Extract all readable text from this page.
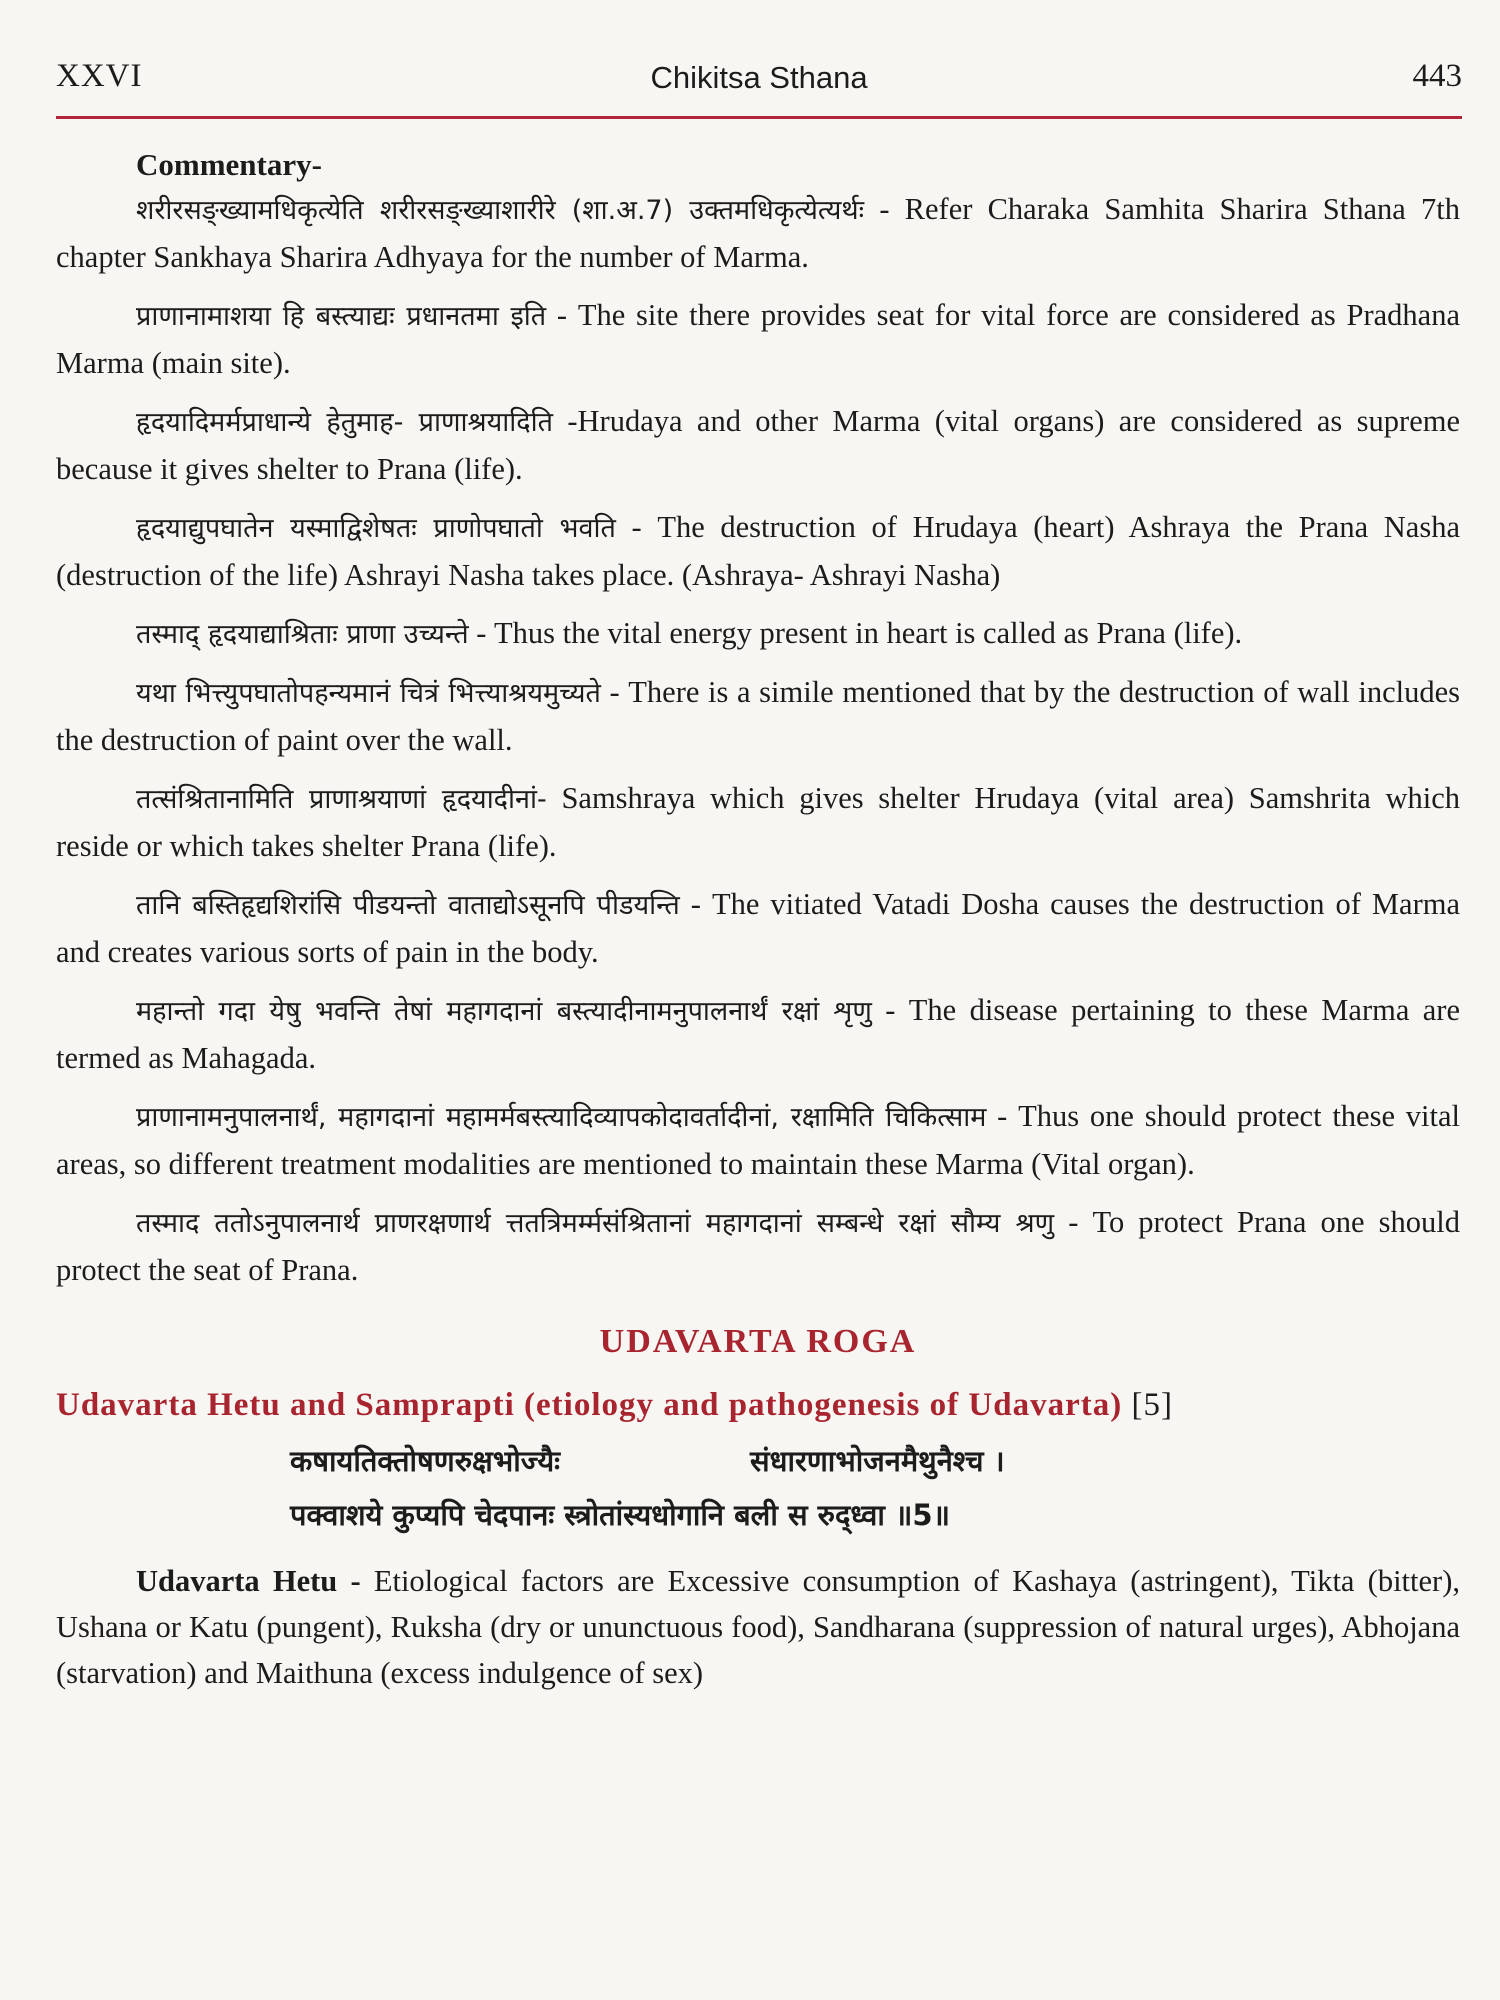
XXVI	Chikitsa Sthana	443
Commentary-

शरीरसङ्ख्यामधिकृत्येति शरीरसङ्ख्याशारीरे (शा.अ.7) उक्तमधिकृत्येत्यर्थः - Refer Charaka Samhita Sharira Sthana 7th chapter Sankhaya Sharira Adhyaya for the number of Marma.

प्राणानामाशया हि बस्त्याद्यः प्रधानतमा इति - The site there provides seat for vital force are considered as Pradhana Marma (main site).

हृदयादिमर्मप्राधान्ये हेतुमाह- प्राणाश्रयादिति -Hrudaya and other Marma (vital organs) are considered as supreme because it gives shelter to Prana (life).

हृदयाद्युपघातेन यस्माद्विशेषतः प्राणोपघातो भवति - The destruction of Hrudaya (heart) Ashraya the Prana Nasha (destruction of the life) Ashrayi Nasha takes place. (Ashraya- Ashrayi Nasha)

तस्माद् हृदयाद्याश्रिताः प्राणा उच्यन्ते - Thus the vital energy present in heart is called as Prana (life).

यथा भित्त्युपघातोपहन्यमानं चित्रं भित्त्याश्रयमुच्यते - There is a simile mentioned that by the destruction of wall includes the destruction of paint over the wall.

तत्संश्रितानामिति प्राणाश्रयाणां हृदयादीनां- Samshraya which gives shelter Hrudaya (vital area) Samshrita which reside or which takes shelter Prana (life).

तानि बस्तिहृद्यशिरांसि पीडयन्तो वाताद्योऽसूनपि पीडयन्ति - The vitiated Vatadi Dosha causes the destruction of Marma and creates various sorts of pain in the body.

महान्तो गदा येषु भवन्ति तेषां महागदानां बस्त्यादीनामनुपालनार्थं रक्षां शृणु - The disease pertaining to these Marma are termed as Mahagada.

प्राणानामनुपालनार्थं, महागदानां महामर्मबस्त्यादिव्यापकोदावर्तादीनां, रक्षामिति चिकित्साम - Thus one should protect these vital areas, so different treatment modalities are mentioned to maintain these Marma (Vital organ).

तस्माद ततोऽनुपालनार्थ प्राणरक्षणार्थ त्ततत्रिमर्म्मसंश्रितानां महागदानां सम्बन्धे रक्षां सौम्य श्रणु - To protect Prana one should protect the seat of Prana.

UDAVARTA ROGA
Udavarta Hetu and Samprapti (etiology and pathogenesis of Udavarta) [5]
कषायतिक्तोषणरुक्षभोज्यैः	संधारणाभोजनमैथुनैश्च ।
पक्वाशये कुप्यपि चेदपानः स्त्रोतांस्यधोगानि बली स रुद्ध्वा ॥5॥

Udavarta Hetu - Etiological factors are Excessive consumption of Kashaya (astringent), Tikta (bitter), Ushana or Katu (pungent), Ruksha (dry or ununctuous food), Sandharana (suppression of natural urges), Abhojana (starvation) and Maithuna (excess indulgence of sex)
